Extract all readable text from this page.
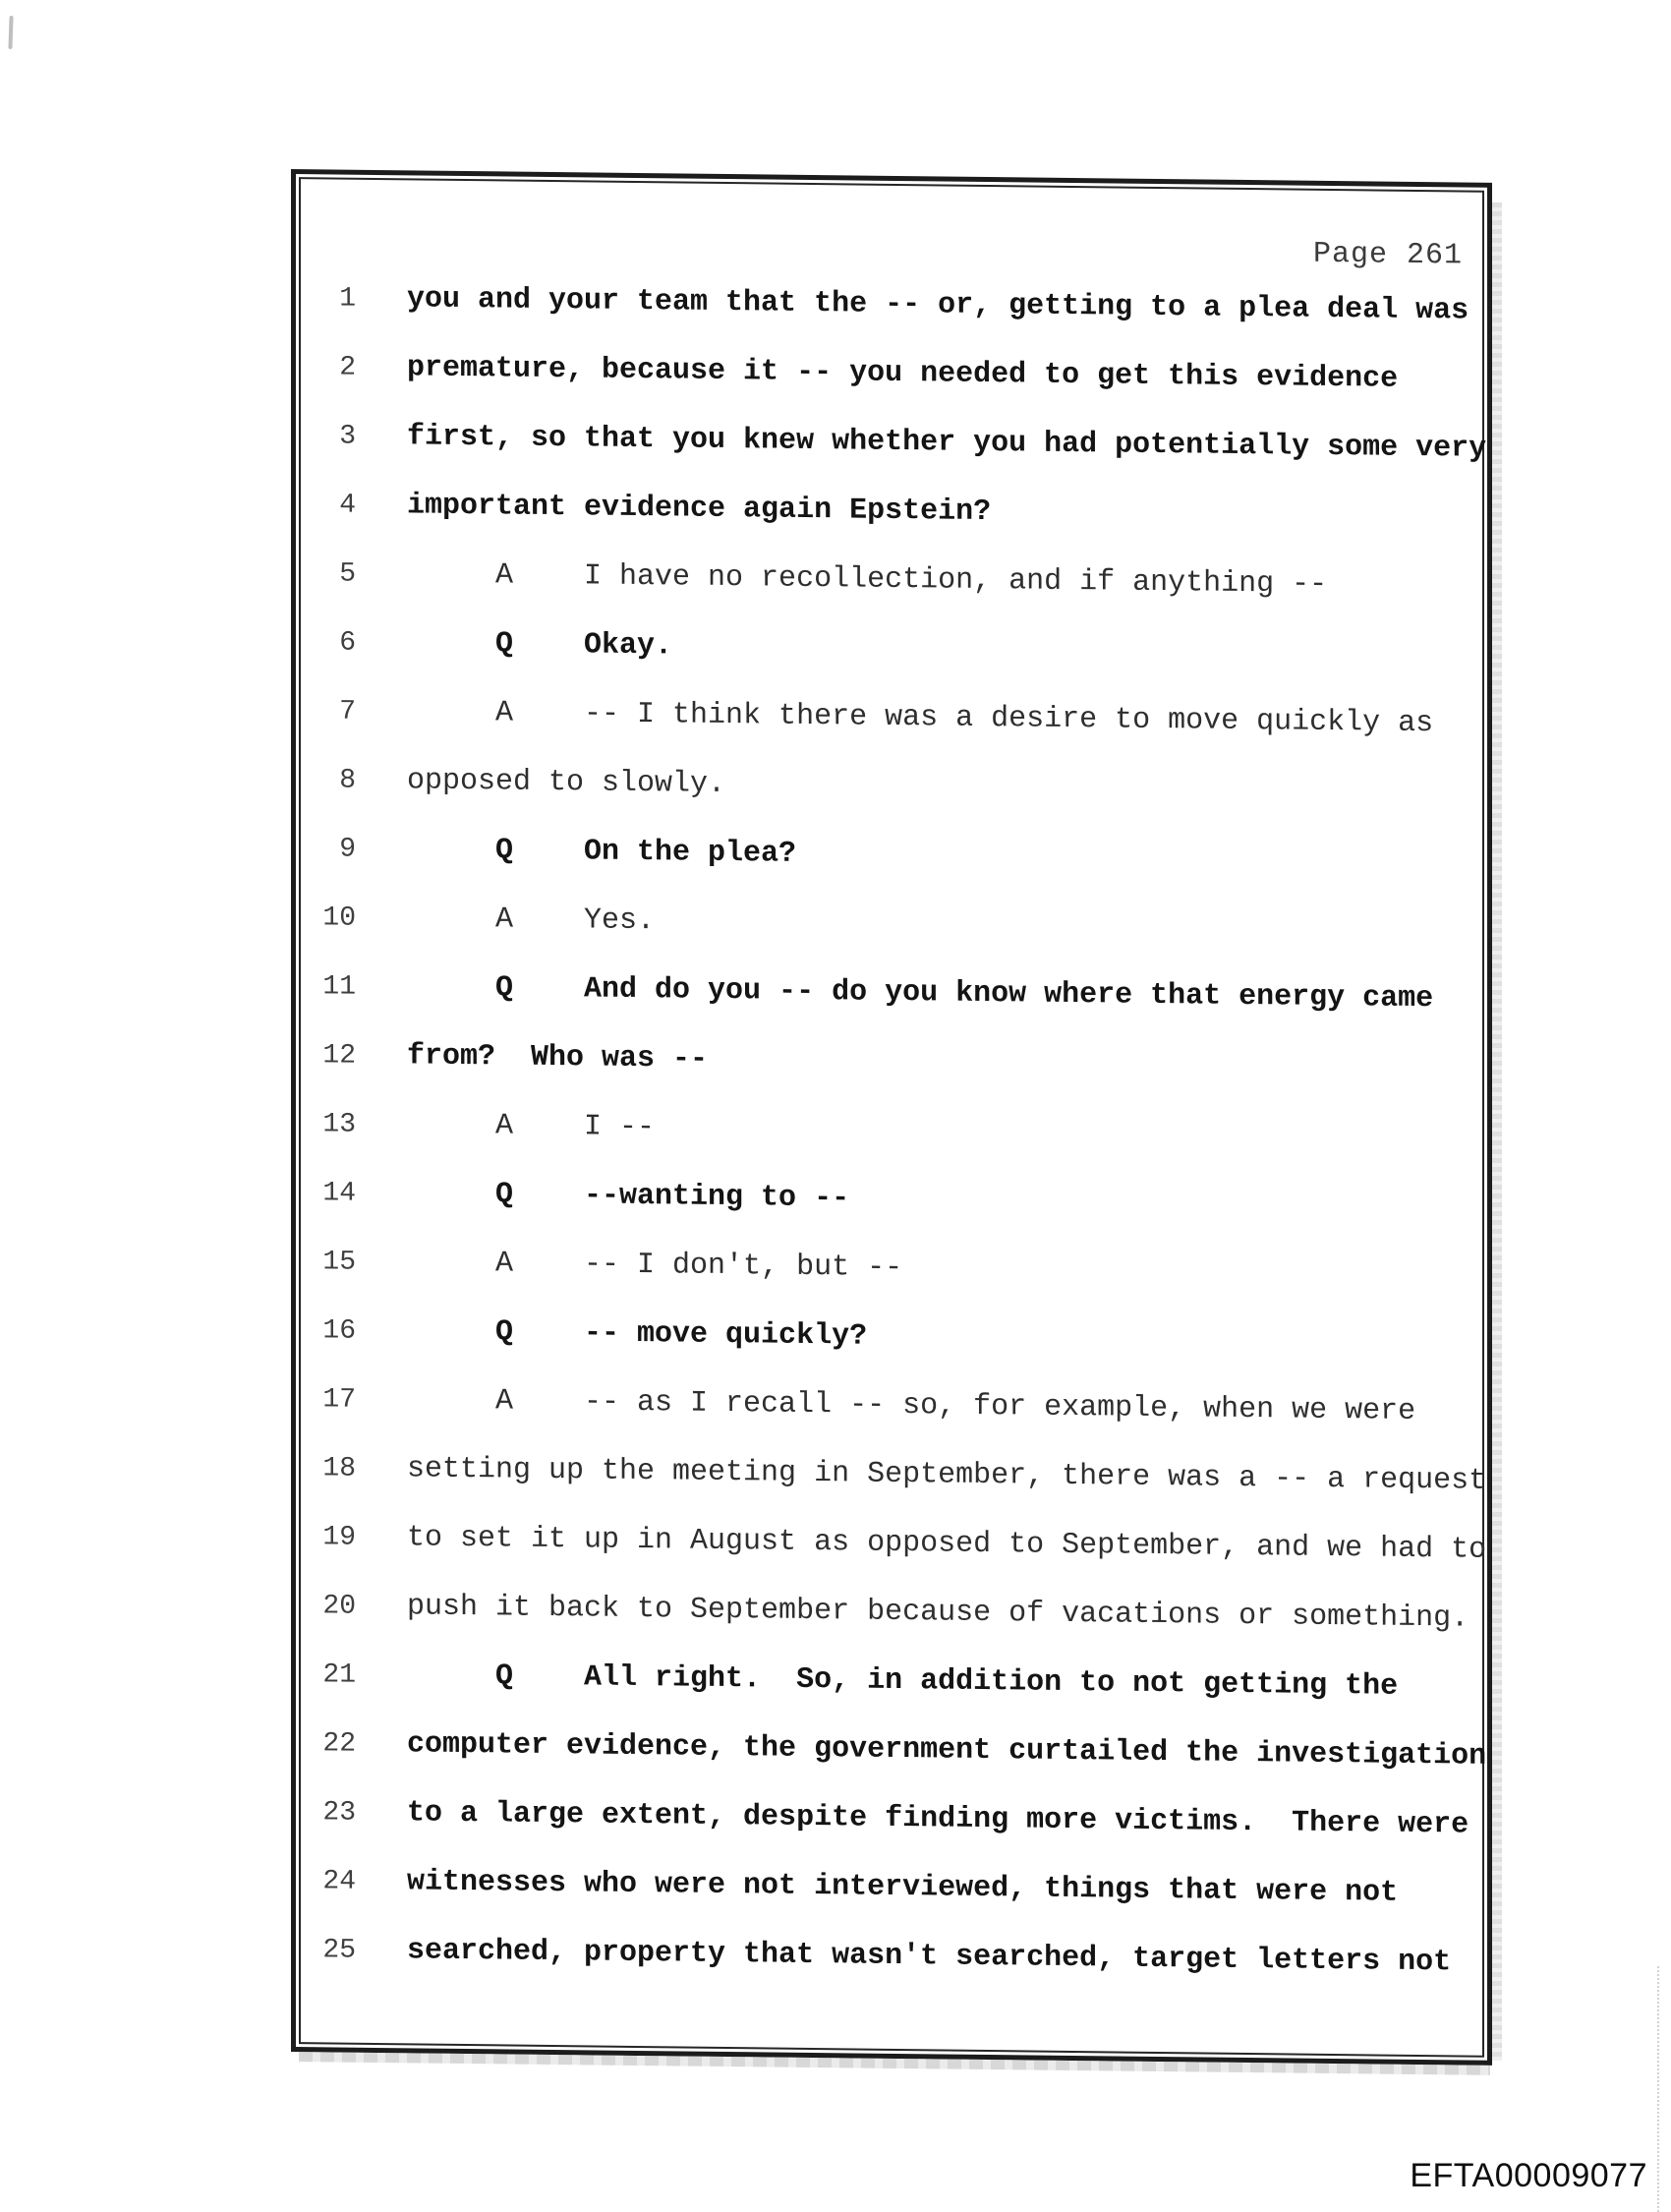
Page 261
1 you and your team that the -- or, getting to a plea deal was
2 premature, because it -- you needed to get this evidence
3 first, so that you knew whether you had potentially some very
4 important evidence again Epstein?
5 A    I have no recollection, and if anything --
6 Q    Okay.
7 A    -- I think there was a desire to move quickly as
8 opposed to slowly.
9 Q    On the plea?
10 A    Yes.
11 Q    And do you -- do you know where that energy came
12 from?  Who was --
13 A    I --
14 Q    --wanting to --
15 A    -- I don't, but --
16 Q    -- move quickly?
17 A    -- as I recall -- so, for example, when we were
18 setting up the meeting in September, there was a -- a request
19 to set it up in August as opposed to September, and we had to
20 push it back to September because of vacations or something.
21 Q    All right.  So, in addition to not getting the
22 computer evidence, the government curtailed the investigation
23 to a large extent, despite finding more victims.  There were
24 witnesses who were not interviewed, things that were not
25 searched, property that wasn't searched, target letters not
EFTA00009077
